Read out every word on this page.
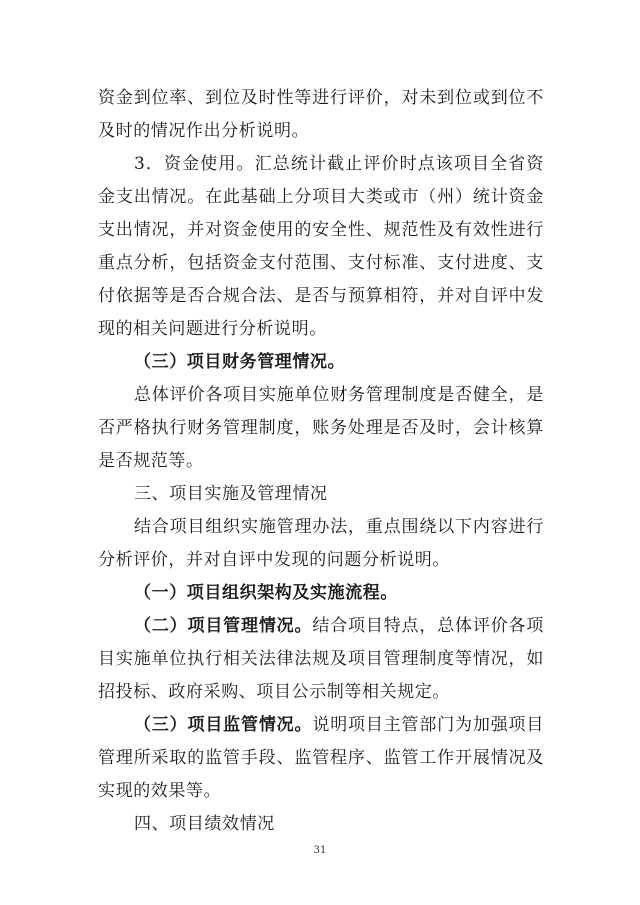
资金到位率、到位及时性等进行评价，对未到位或到位不及时的情况作出分析说明。

3．资金使用。汇总统计截止评价时点该项目全省资金支出情况。在此基础上分项目大类或市（州）统计资金支出情况，并对资金使用的安全性、规范性及有效性进行重点分析，包括资金支付范围、支付标准、支付进度、支付依据等是否合规合法、是否与预算相符，并对自评中发现的相关问题进行分析说明。

（三）项目财务管理情况。

总体评价各项目实施单位财务管理制度是否健全，是否严格执行财务管理制度，账务处理是否及时，会计核算是否规范等。

三、项目实施及管理情况

结合项目组织实施管理办法，重点围绕以下内容进行分析评价，并对自评中发现的问题分析说明。

（一）项目组织架构及实施流程。

（二）项目管理情况。结合项目特点，总体评价各项目实施单位执行相关法律法规及项目管理制度等情况，如招投标、政府采购、项目公示制等相关规定。

（三）项目监管情况。说明项目主管部门为加强项目管理所采取的监管手段、监管程序、监管工作开展情况及实现的效果等。

四、项目绩效情况

31
